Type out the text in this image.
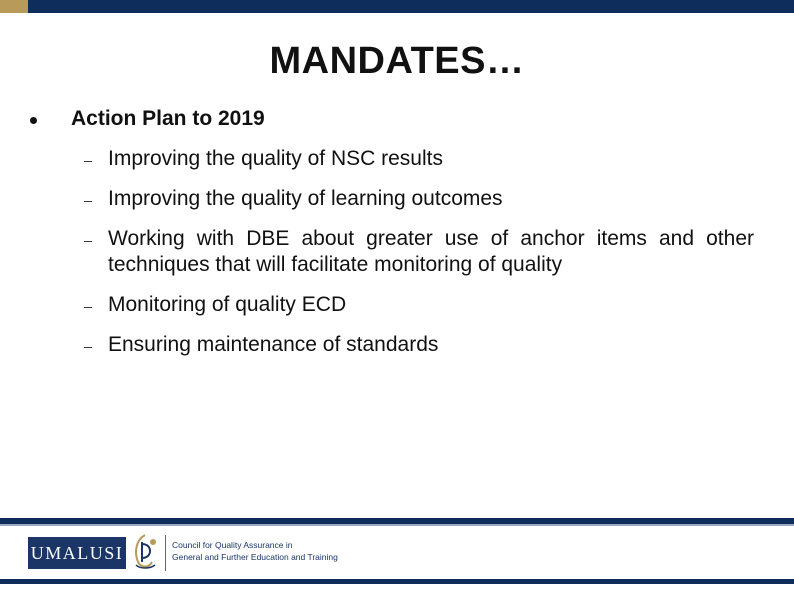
MANDATES…
Action Plan to 2019
Improving the quality of NSC results
Improving the quality of learning outcomes
Working with DBE about greater use of anchor items and other techniques that will facilitate monitoring of quality
Monitoring of quality ECD
Ensuring maintenance of standards
UMALUSI	Council for Quality Assurance in
General and Further Education and Training
